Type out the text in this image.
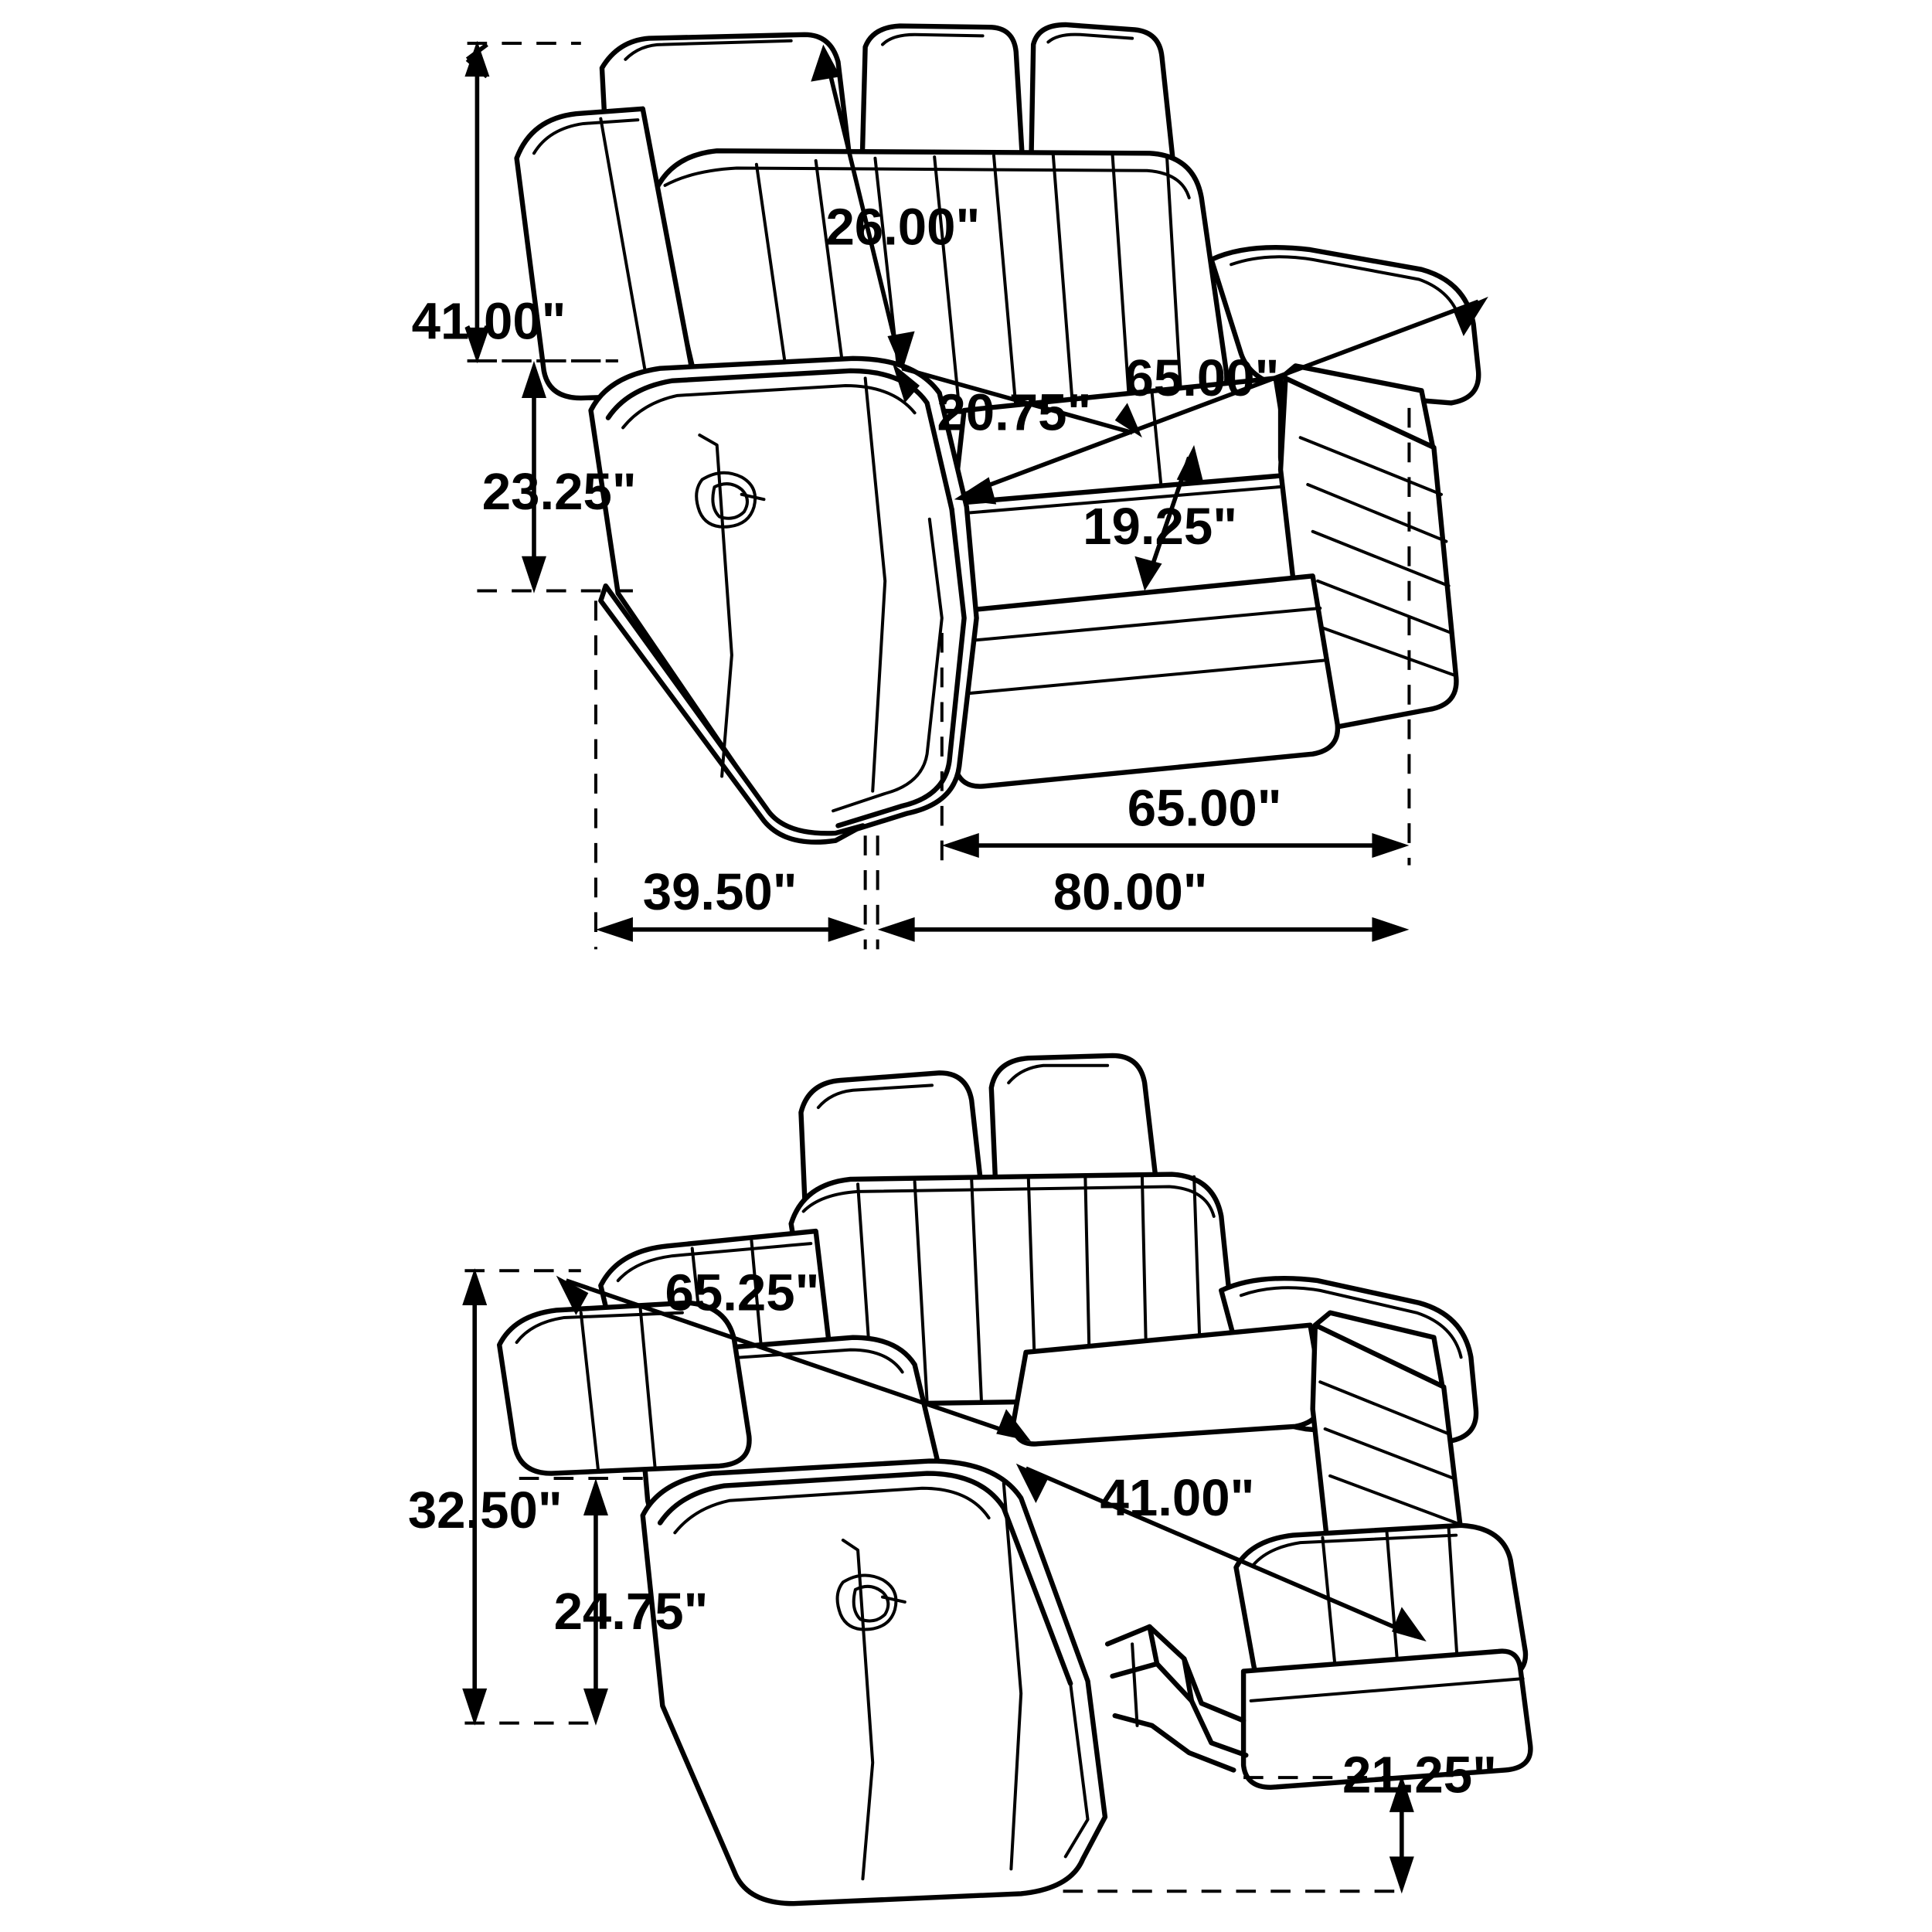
41.00"
26.00"
23.25"
65.00"
20.75"
19.25"
65.00"
39.50"	80.00"
65.25"
32.50"
24.75"
41.00"
21.25"
